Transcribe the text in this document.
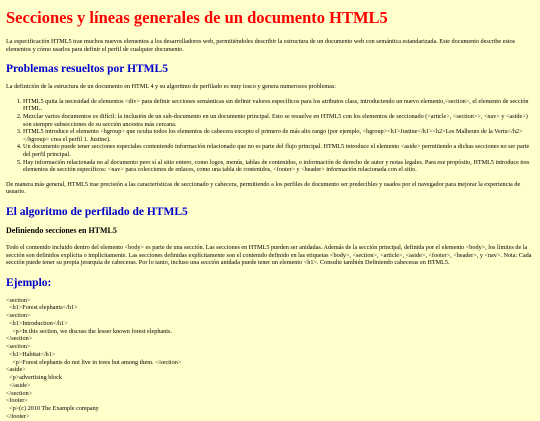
Secciones y líneas generales de un documento HTML5

La especificación HTML5 trae muchos nuevos elementos a los desarrolladores web, permitiéndoles describir la estructura de un documento web con semántica estandarizada. Este documento describe estos elementos y cómo usarlos para definir el perfil de cualquier documento.

Problemas resueltos por HTML5

La definición de la estructura de un documento en HTML 4 y su algoritmo de perfilado es muy tosco y genera numerosos problemas:

1. HTML5 quita la necesidad de elementos <div> para definir secciones semánticas sin definir valores específicos para los atributos class, introduciendo un nuevo elemento,<section>, el elemento de sección HTML.
2. Mezclar varios documentos es difícil: la inclusión de un sub-documento en un documento principal. Esto se resuelve en HTML5 con los elementos de seccionado (<article>, <section>>, <nav> y <aside>) son siempre subsecciones de su sección ancestra más cercana.
3. HTML5 introduce el elemento <hgroup> que oculta todos los elementos de cabecera excepto el primero de más alto rango (por ejemplo, <hgroup><h1>Justine</h1><h2>Les Malheurs de la Vertu</h2></hgroup> crea el perfil 1. Justine).
4. Un documento puede tener secciones especiales conteniendo información relacionado que no es parte del flujo principal. HTML5 introduce el elemento <aside> permitiendo a dichas secciones no ser parte del perfil principal.
5. Hay información relacionada no al documento pero sí al sitio entero, como logos, menús, tablas de contenidos, o información de derecho de autor y notas legales. Para ese propósito, HTML5 introduce tres elementos de sección específicos: <nav> para colecciones de enlaces, como una tabla de contenidos, <footer> y <header> información relacionada con el sitio.

De manera más general, HTML5 trae precisión a las características de seccionado y cabecera, permitiendo a los perfiles de documento ser predecibles y usados por el navegador para mejorar la experiencia de usuario.

El algoritmo de perfilado de HTML5
Definiendo secciones en HTML5

Todo el contenido incluido dentro del elemento <body> es parte de una sección. Las secciones en HTML5 pueden ser anidadas. Además de la sección principal, definida por el elemento <body>, los límites de la sección son definidos explícita o implícitamente. Las secciones definidas explícitamente son el contenido definido en las etiquetas <body>, <section>, <article>, <aside>, <footer>, <header>, y <nav>. Nota: Cada sección puede tener su propia jerarquía de cabeceras. Por lo tanto, incluso una sección anidada puede tener un elemento <h1>. Consulte también Definiendo cabeceras en HTML5.

Ejemplo:
<section>
<h1>Forest elephants</h1>
<section>
<h1>Introduction</h1>
<p>In this section, we discuss the lesser known forest elephants.
</section>
<section>
<h1>Habitat</h1>
<p>Forest elephants do not live in trees but among them. </section>
<aside>
<p>advertising block
</aside>
</section>
<footer>
<p>(c) 2010 The Example company
</footer>
